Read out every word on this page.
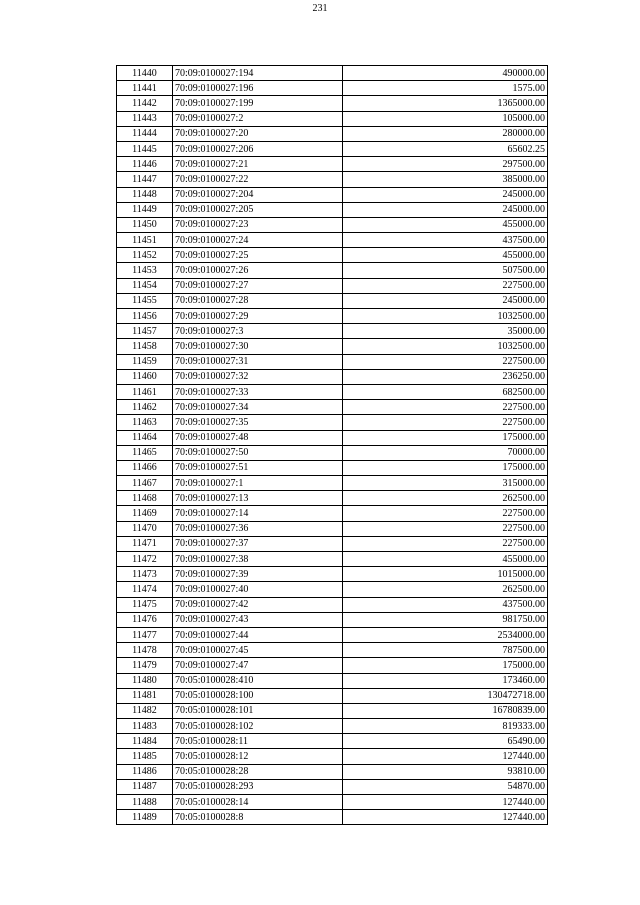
231
11440	70:09:0100027:194	490000.00
11441	70:09:0100027:196	1575.00
11442	70:09:0100027:199	1365000.00
11443	70:09:0100027:2	105000.00
11444	70:09:0100027:20	280000.00
11445	70:09:0100027:206	65602.25
11446	70:09:0100027:21	297500.00
11447	70:09:0100027:22	385000.00
11448	70:09:0100027:204	245000.00
11449	70:09:0100027:205	245000.00
11450	70:09:0100027:23	455000.00
11451	70:09:0100027:24	437500.00
11452	70:09:0100027:25	455000.00
11453	70:09:0100027:26	507500.00
11454	70:09:0100027:27	227500.00
11455	70:09:0100027:28	245000.00
11456	70:09:0100027:29	1032500.00
11457	70:09:0100027:3	35000.00
11458	70:09:0100027:30	1032500.00
11459	70:09:0100027:31	227500.00
11460	70:09:0100027:32	236250.00
11461	70:09:0100027:33	682500.00
11462	70:09:0100027:34	227500.00
11463	70:09:0100027:35	227500.00
11464	70:09:0100027:48	175000.00
11465	70:09:0100027:50	70000.00
11466	70:09:0100027:51	175000.00
11467	70:09:0100027:1	315000.00
11468	70:09:0100027:13	262500.00
11469	70:09:0100027:14	227500.00
11470	70:09:0100027:36	227500.00
11471	70:09:0100027:37	227500.00
11472	70:09:0100027:38	455000.00
11473	70:09:0100027:39	1015000.00
11474	70:09:0100027:40	262500.00
11475	70:09:0100027:42	437500.00
11476	70:09:0100027:43	981750.00
11477	70:09:0100027:44	2534000.00
11478	70:09:0100027:45	787500.00
11479	70:09:0100027:47	175000.00
11480	70:05:0100028:410	173460.00
11481	70:05:0100028:100	130472718.00
11482	70:05:0100028:101	16780839.00
11483	70:05:0100028:102	819333.00
11484	70:05:0100028:11	65490.00
11485	70:05:0100028:12	127440.00
11486	70:05:0100028:28	93810.00
11487	70:05:0100028:293	54870.00
11488	70:05:0100028:14	127440.00
11489	70:05:0100028:8	127440.00
